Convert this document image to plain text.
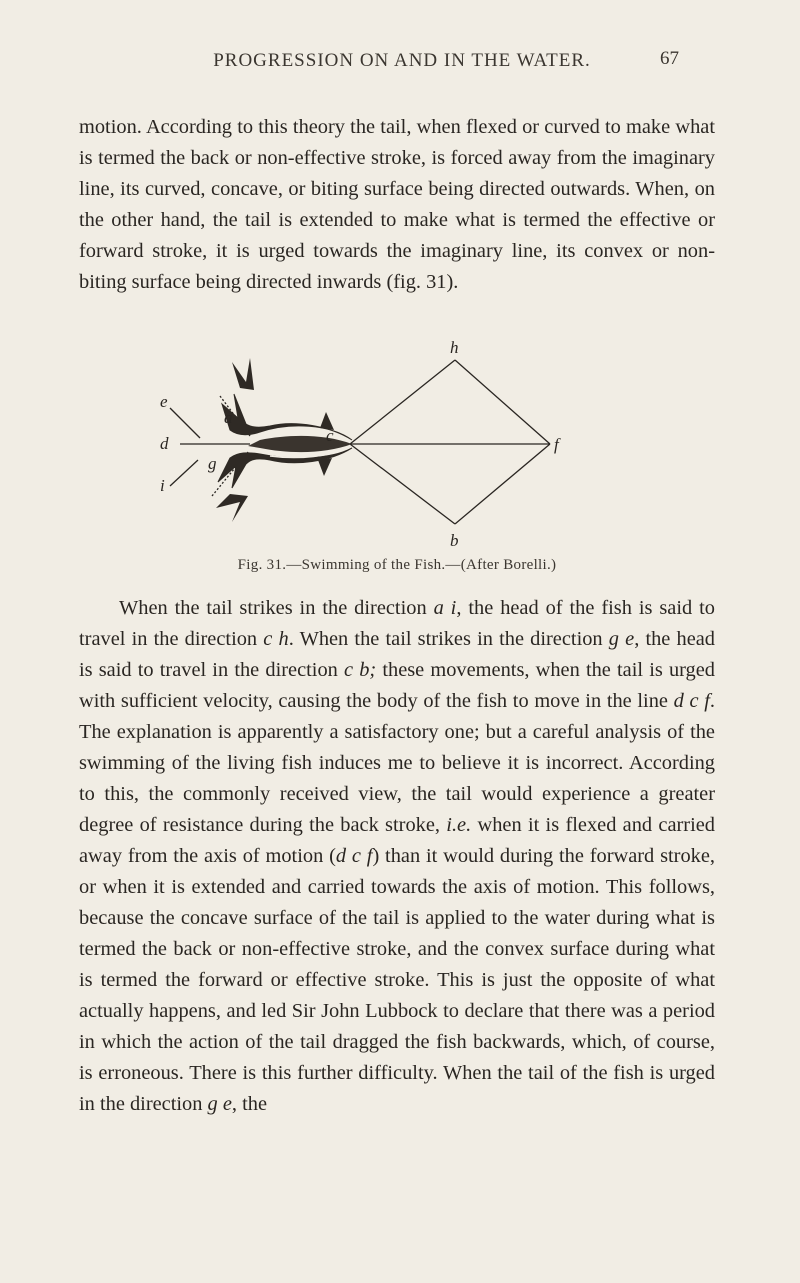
PROGRESSION ON AND IN THE WATER.	67

motion. According to this theory the tail, when flexed or curved to make what is termed the back or non-effective stroke, is forced away from the imaginary line, its curved, concave, or biting surface being directed outwards. When, on the other hand, the tail is extended to make what is termed the effective or forward stroke, it is urged towards the imaginary line, its convex or non-biting surface being directed inwards (fig. 31).

h
e
a
d	c
i
g
f
b
Fig. 31.—Swimming of the Fish.—(After Borelli.)

When the tail strikes in the direction a i, the head of the fish is said to travel in the direction c h. When the tail strikes in the direction g e, the head is said to travel in the direction c b; these movements, when the tail is urged with sufficient velocity, causing the body of the fish to move in the line d c f. The explanation is apparently a satisfactory one; but a careful analysis of the swimming of the living fish induces me to believe it is incorrect. According to this, the commonly received view, the tail would experience a greater degree of resistance during the back stroke, i.e. when it is flexed and carried away from the axis of motion (d c f) than it would during the forward stroke, or when it is extended and carried towards the axis of motion. This follows, because the concave surface of the tail is applied to the water during what is termed the back or non-effective stroke, and the convex surface during what is termed the forward or effective stroke. This is just the opposite of what actually happens, and led Sir John Lubbock to declare that there was a period in which the action of the tail dragged the fish backwards, which, of course, is erroneous. There is this further difficulty. When the tail of the fish is urged in the direction g e, the
